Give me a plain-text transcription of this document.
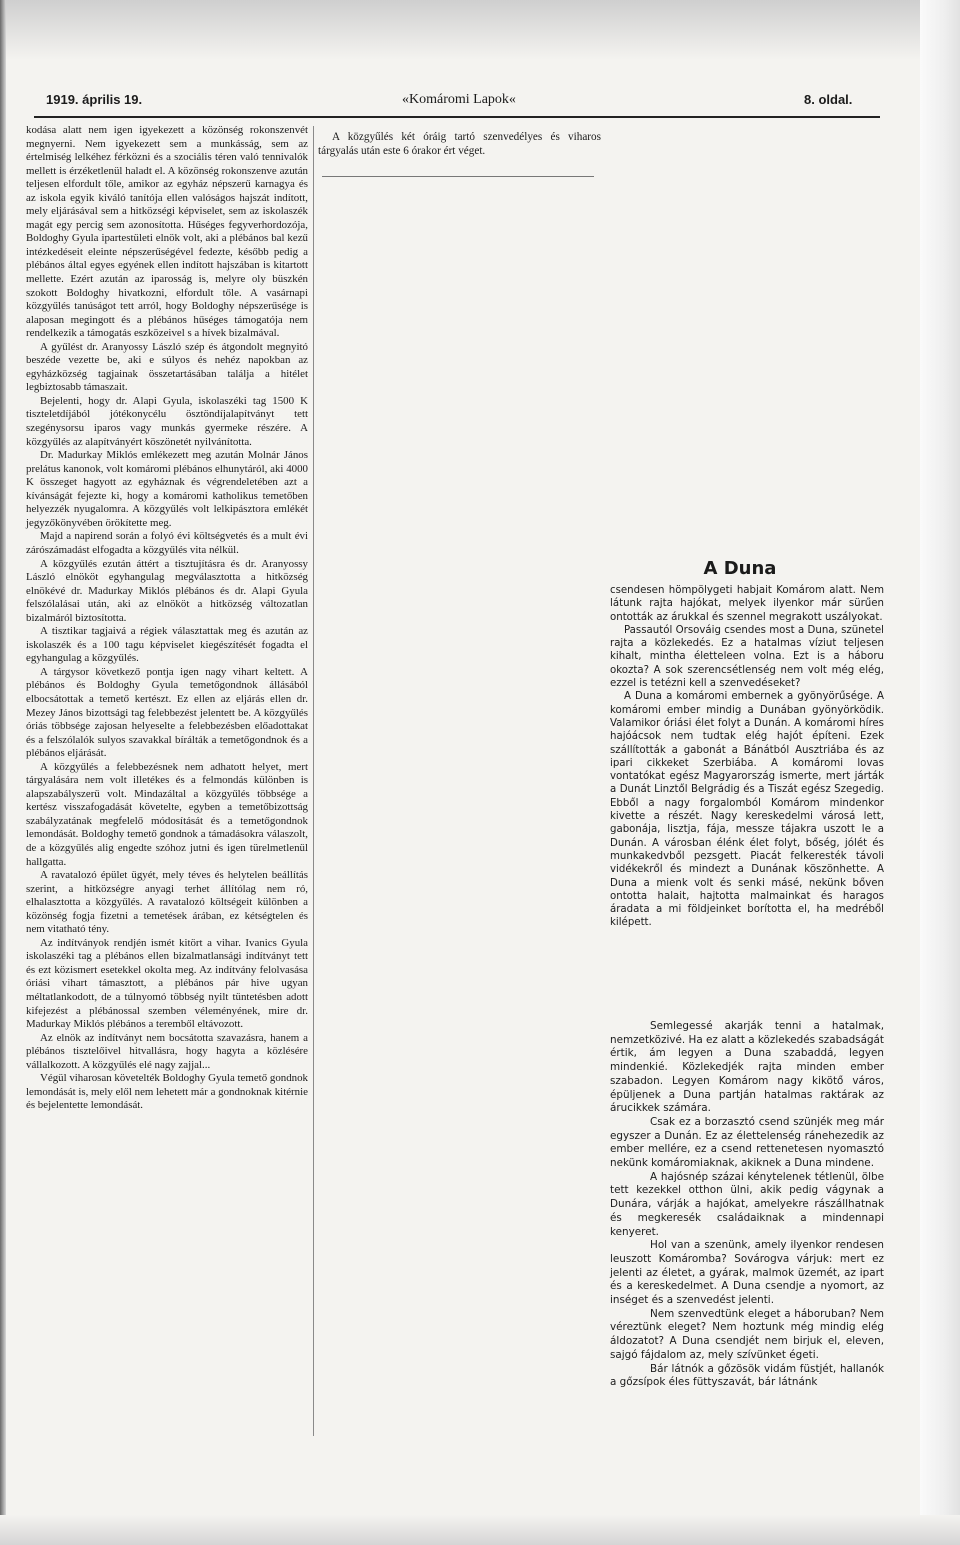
1919. április 19.	«Komáromi Lapok«	8. oldal.

kodása alatt nem igen igyekezett a közönség rokonszenvét megnyerni. Nem igyekezett sem a munkásság, sem az értelmiség lelkéhez férközni és a szociális téren való tennivalók mellett is érzéketlenül haladt el. A közönség rokonszenve azután teljesen elfordult tőle, amikor az egyház népszerű karnagya és az iskola egyik kiváló tanítója ellen valóságos hajszát indított, mely eljárásával sem a hitközségi képviselet, sem az iskolaszék magát egy percig sem azonosította. Hűséges fegyverhordozója, Boldoghy Gyula ipartestületi elnök volt, aki a plébános bal kezű intézkedéseit eleinte népszerűségével fedezte, később pedig a plébános által egyes egyének ellen indított hajszában is kitartott mellette. Ezért azután az iparosság is, melyre oly büszkén szokott Boldoghy hivatkozni, elfordult tőle. A vasárnapi közgyűlés tanúságot tett arról, hogy Boldoghy népszerűsége is alaposan megingott és a plébános hűséges támogatója nem rendelkezik a támogatás eszközeivel s a hívek bizalmával.

A gyűlést dr. Aranyossy László szép és átgondolt megnyitó beszéde vezette be, aki e súlyos és nehéz napokban az egyházközség tagjainak összetartásában találja a hitélet legbiztosabb támaszait.

Bejelenti, hogy dr. Alapi Gyula, iskolaszéki tag 1500 K tiszteletdíjából jótékonycélu ösztöndíjalapítványt tett szegénysorsu iparos vagy munkás gyermeke részére. A közgyűlés az alapítványért köszönetét nyilvánította.

Dr. Madurkay Miklós emlékezett meg azután Molnár János prelátus kanonok, volt komáromi plébános elhunytáról, aki 4000 K összeget hagyott az egyháznak és végrendeletében azt a kívánságát fejezte ki, hogy a komáromi katholikus temetőben helyezzék nyugalomra. A közgyűlés volt lelkipásztora emlékét jegyzőkönyvében örökítette meg.

Majd a napirend során a folyó évi költségvetés és a mult évi zárószámadást elfogadta a közgyűlés vita nélkül.

A közgyűlés ezután áttért a tisztujításra és dr. Aranyossy László elnököt egyhangulag megválasztotta a hitközség elnökévé dr. Madurkay Miklós plébános és dr. Alapi Gyula felszólalásai után, aki az elnököt a hitközség változatlan bizalmáról biztosította.

A tisztikar tagjaivá a régiek választattak meg és azután az iskolaszék és a 100 tagu képviselet kiegészítését fogadta el egyhangulag a közgyűlés.

A tárgysor következő pontja igen nagy vihart keltett. A plébános és Boldoghy Gyula temetőgondnok állásából elbocsátottak a temető kertészt. Ez ellen az eljárás ellen dr. Mezey János bizottsági tag felebbezést jelentett be. A közgyűlés óriás többsége zajosan helyeselte a felebbezésben előadottakat és a felszólalók sulyos szavakkal bírálták a temetőgondnok és a plébános eljárását.

A közgyűlés a felebbezésnek nem adhatott helyet, mert tárgyalására nem volt illetékes és a felmondás különben is alapszabályszerü volt. Mindazáltal a közgyűlés többsége a kertész visszafogadását követelte, egyben a temetőbizottság szabályzatának megfelelő módosítását és a temetőgondnok lemondását. Boldoghy temető gondnok a támadásokra válaszolt, de a közgyűlés alig engedte szóhoz jutni és igen türelmetlenül hallgatta.

A ravatalozó épület ügyét, mely téves és helytelen beállítás szerint, a hitközségre anyagi terhet állítólag nem ró, elhalasztotta a közgyűlés. A ravatalozó költségeit különben a közönség fogja fizetni a temetések árában, ez kétségtelen és nem vitatható tény.

Az indítványok rendjén ismét kitört a vihar. Ivanics Gyula iskolaszéki tag a plébános ellen bizalmatlansági indítványt tett és ezt közismert esetekkel okolta meg. Az indítvány felolvasása óriási vihart támasztott, a plébános pár hive ugyan méltatlankodott, de a túlnyomó többség nyilt tüntetésben adott kifejezést a plébánossal szemben véleményének, mire dr. Madurkay Miklós plébános a teremből eltávozott.

Az elnök az indítványt nem bocsátotta szavazásra, hanem a plébános tisztelőivel hitvallásra, hogy hagyta a közlésére vállalkozott. A közgyűlés elé nagy zajjal...

Végül viharosan követelték Boldoghy Gyula temető gondnok lemondását is, mely elől nem lehetett már a gondnoknak kitérnie és bejelentette lemondását.

A közgyűlés két óráig tartó szenvedélyes és viharos tárgyalás után este 6 órakor ért véget.

A Duna

csendesen hömpölygeti habjait Komárom alatt. Nem látunk rajta hajókat, melyek ilyenkor már sürűen ontották az árukkal és szennel megrakott uszályokat.

Passautól Orsováig csendes most a Duna, szünetel rajta a közlekedés. Ez a hatalmas víziut teljesen kihalt, mintha életteleen volna. Ezt is a háboru okozta? A sok szerencsétlenség nem volt még elég, ezzel is tetézni kell a szenvedéseket?

A Duna a komáromi embernek a gyönyörűsége. A komáromi ember mindig a Dunában gyönyörködik. Valamikor óriási élet folyt a Dunán. A komáromi híres hajóácsok nem tudtak elég hajót építeni. Ezek szállították a gabonát a Bánátból Ausztriába és az ipari cikkeket Szerbiába. A komáromi lovas vontatókat egész Magyarország ismerte, mert járták a Dunát Linztől Belgrádig és a Tiszát egész Szegedig. Ebből a nagy forgalomból Komárom mindenkor kivette a részét. Nagy kereskedelmi városá lett, gabonája, lisztja, fája, messze tájakra uszott le a Dunán. A városban élénk élet folyt, bőség, jólét és munkakedvből pezsgett. Piacát felkeresték távoli vidékekről és mindezt a Dunának köszönhette. A Duna a mienk volt és senki másé, nekünk bőven ontotta halait, hajtotta malmainkat és haragos áradata a mi földjeinket borította el, ha medréből kilépett.

Semlegessé akarják tenni a hatalmak, nemzetközivé. Ha ez alatt a közlekedés szabadságát értik, ám legyen a Duna szabaddá, legyen mindenkié. Közlekedjék rajta minden ember szabadon. Legyen Komárom nagy kikötő város, épüljenek a Duna partján hatalmas raktárak az árucikkek számára.

Csak ez a borzasztó csend szünjék meg már egyszer a Dunán. Ez az élettelenség ránehezedik az ember mellére, ez a csend rettenetesen nyomasztó nekünk komáromiaknak, akiknek a Duna mindene.

A hajósnép százai kénytelenek tétlenül, ölbe tett kezekkel otthon ülni, akik pedig vágynak a Dunára, várják a hajókat, amelyekre rászállhatnak és megkeresék családaiknak a mindennapi kenyeret.

Hol van a szenünk, amely ilyenkor rendesen leuszott Komáromba? Sovárogva várjuk: mert ez jelenti az életet, a gyárak, malmok üzemét, az ipart és a kereskedelmet. A Duna csendje a nyomort, az inséget és a szenvedést jelenti.

Nem szenvedtünk eleget a háboruban? Nem véreztünk eleget? Nem hoztunk még mindig elég áldozatot? A Duna csendjét nem birjuk el, eleven, sajgó fájdalom az, mely szívünket égeti.

Bár látnók a gőzösök vidám füstjét, hallanók a gőzsípok éles füttyszavát, bár látnánk
